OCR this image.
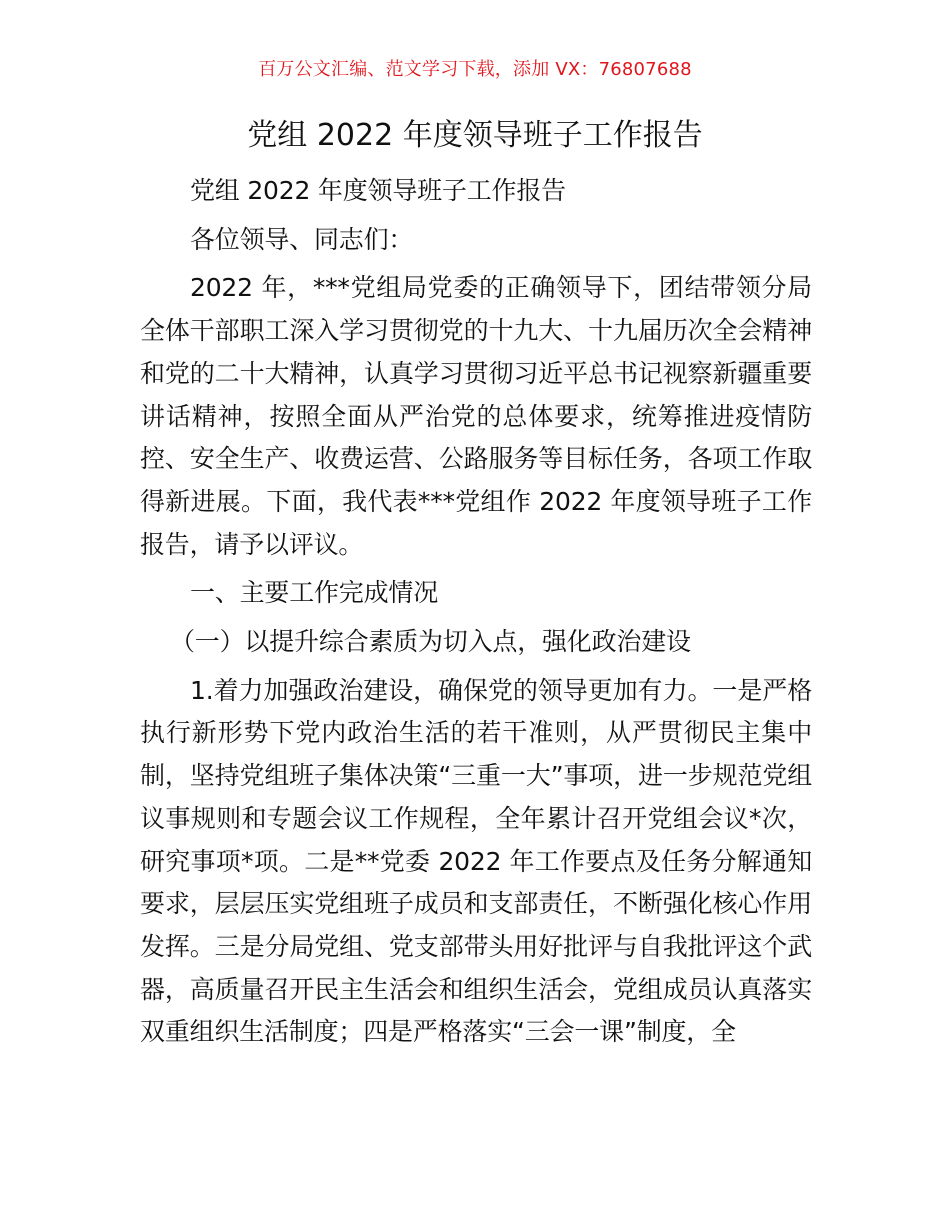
百万公文汇编、范文学习下载，添加 VX：76807688
党组 2022 年度领导班子工作报告

党组 2022 年度领导班子工作报告

各位领导、同志们：

2022 年，***党组局党委的正确领导下，团结带领分局全体干部职工深入学习贯彻党的十九大、十九届历次全会精神和党的二十大精神，认真学习贯彻习近平总书记视察新疆重要讲话精神，按照全面从严治党的总体要求，统筹推进疫情防控、安全生产、收费运营、公路服务等目标任务，各项工作取得新进展。下面，我代表***党组作 2022 年度领导班子工作报告，请予以评议。

一、主要工作完成情况

（一）以提升综合素质为切入点，强化政治建设

1.着力加强政治建设，确保党的领导更加有力。一是严格执行新形势下党内政治生活的若干准则，从严贯彻民主集中制，坚持党组班子集体决策“三重一大”事项，进一步规范党组议事规则和专题会议工作规程，全年累计召开党组会议*次，研究事项*项。二是**党委 2022 年工作要点及任务分解通知要求，层层压实党组班子成员和支部责任，不断强化核心作用发挥。三是分局党组、党支部带头用好批评与自我批评这个武器，高质量召开民主生活会和组织生活会，党组成员认真落实双重组织生活制度；四是严格落实“三会一课”制度，全
